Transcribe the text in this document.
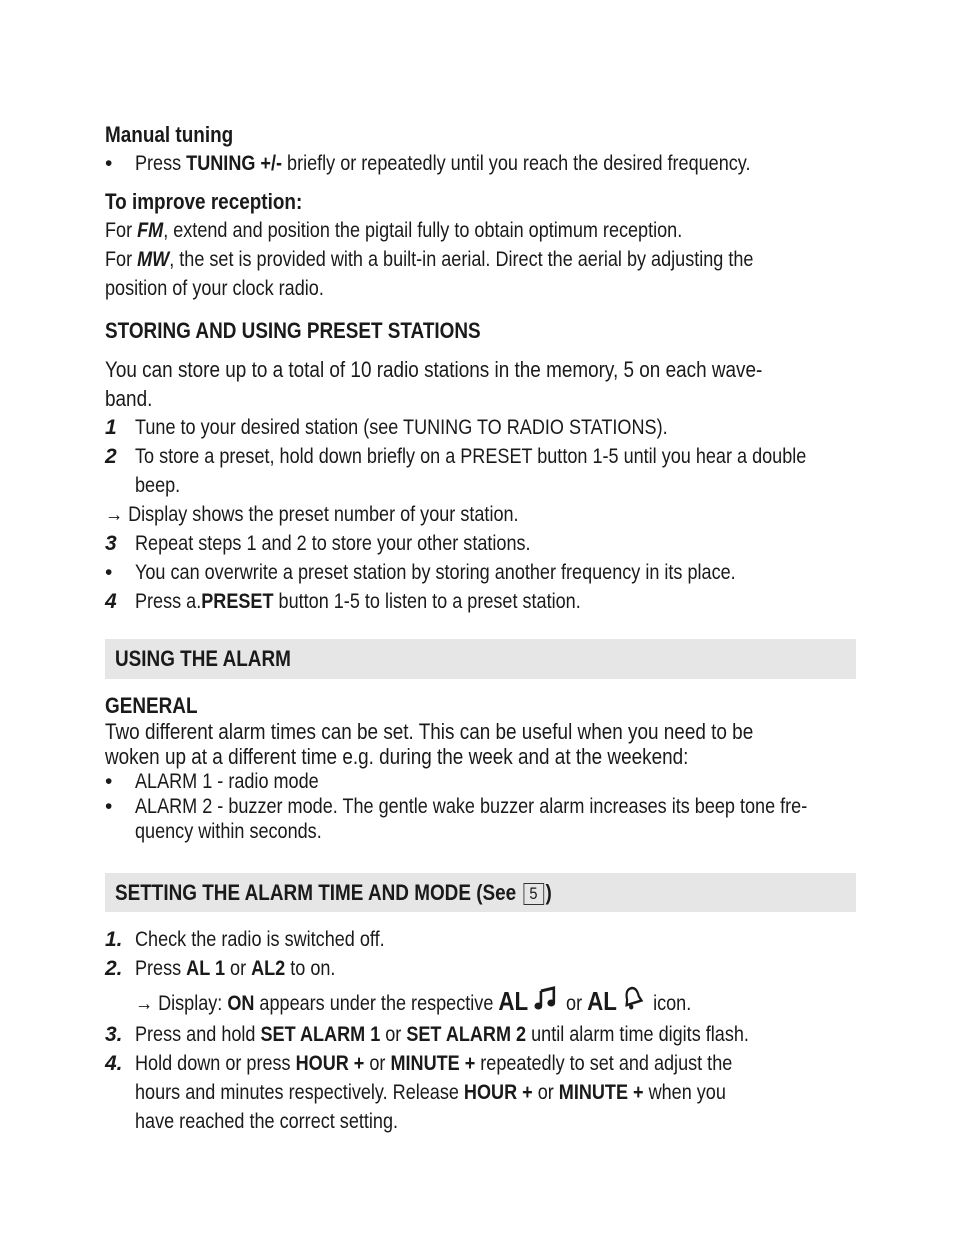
Manual tuning
• Press TUNING +/- briefly or repeatedly until you reach the desired frequency.
To improve reception:
For FM, extend and position the pigtail fully to obtain optimum reception.
For MW, the set is provided with a built-in aerial. Direct the aerial by adjusting the
position of your clock radio.
STORING AND USING PRESET STATIONS
You can store up to a total of 10 radio stations in the memory, 5 on each wave-
band.
1 Tune to your desired station (see TUNING TO RADIO STATIONS).
2 To store a preset, hold down briefly on a PRESET button 1-5 until you hear a double
beep.
→ Display shows the preset number of your station.
3 Repeat steps 1 and 2 to store your other stations.
• You can overwrite a preset station by storing another frequency in its place.
4 Press a.PRESET button 1-5 to listen to a preset station.
USING THE ALARM
GENERAL
Two different alarm times can be set. This can be useful when you need to be
woken up at a different time e.g. during the week and at the weekend:
• ALARM 1 - radio mode
• ALARM 2 - buzzer mode. The gentle wake buzzer alarm increases its beep tone fre-
quency within seconds.
SETTING THE ALARM TIME AND MODE (See 5 )
1. Check the radio is switched off.
2. Press AL 1 or AL2 to on.
→ Display: ON appears under the respective AL or AL icon.
3. Press and hold SET ALARM 1 or SET ALARM 2 until alarm time digits flash.
4. Hold down or press HOUR + or MINUTE + repeatedly to set and adjust the
hours and minutes respectively. Release HOUR + or MINUTE + when you
have reached the correct setting.
